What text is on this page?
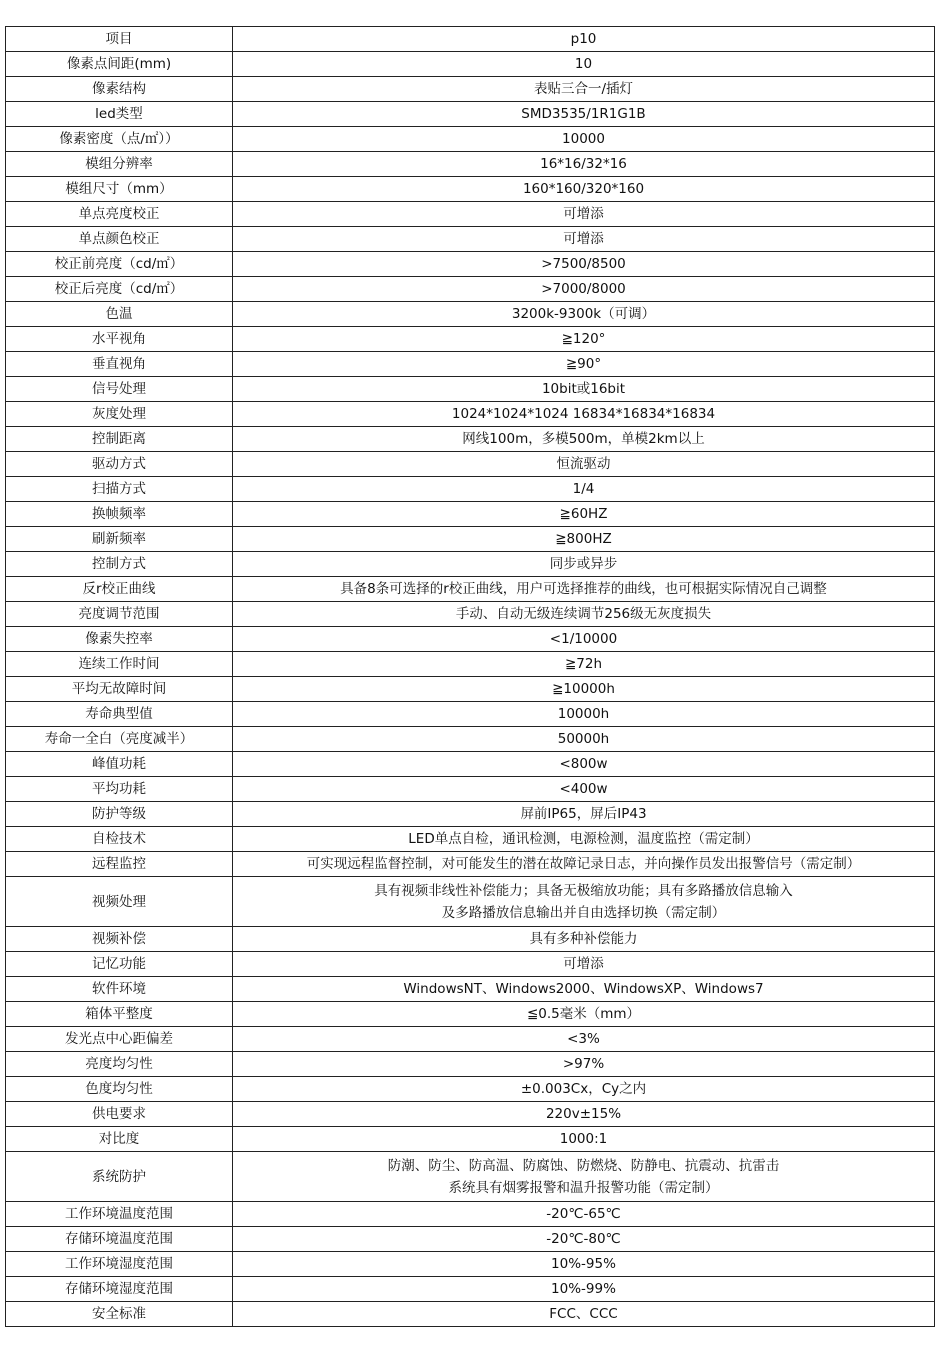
项目	p10
像素点间距(mm)	10
像素结构	表贴三合一/插灯
led类型	SMD3535/1R1G1B
像素密度（点/㎡））	10000
模组分辨率	16*16/32*16
模组尺寸（mm）	160*160/320*160
单点亮度校正	可增添
单点颜色校正	可增添
校正前亮度（cd/㎡）	>7500/8500
校正后亮度（cd/㎡）	>7000/8000
色温	3200k-9300k（可调）
水平视角	≧120°
垂直视角	≧90°
信号处理	10bit或16bit
灰度处理	1024*1024*1024 16834*16834*16834
控制距离	网线100m，多模500m，单模2km以上
驱动方式	恒流驱动
扫描方式	1/4
换帧频率	≧60HZ
刷新频率	≧800HZ
控制方式	同步或异步
反r校正曲线	具备8条可选择的r校正曲线，用户可选择推荐的曲线，也可根据实际情况自己调整
亮度调节范围	手动、自动无级连续调节256级无灰度损失
像素失控率	<1/10000
连续工作时间	≧72h
平均无故障时间	≧10000h
寿命典型值	10000h
寿命一全白（亮度减半）	50000h
峰值功耗	<800w
平均功耗	<400w
防护等级	屏前IP65，屏后IP43
自检技术	LED单点自检，通讯检测，电源检测，温度监控（需定制）
远程监控	可实现远程监督控制，对可能发生的潜在故障记录日志，并向操作员发出报警信号（需定制）
视频处理	具有视频非线性补偿能力；具备无极缩放功能；具有多路播放信息输入
及多路播放信息输出并自由选择切换（需定制）

视频补偿	具有多种补偿能力
记忆功能	可增添
软件环境	WindowsNT、Windows2000、WindowsXP、Windows7
箱体平整度	≦0.5毫米（mm）
发光点中心距偏差	<3%
亮度均匀性	>97%
色度均匀性	±0.003Cx，Cy之内
供电要求	220v±15%
对比度	1000:1
系统防护	防潮、防尘、防高温、防腐蚀、防燃烧、防静电、抗震动、抗雷击
系统具有烟雾报警和温升报警功能（需定制）

工作环境温度范围	-20℃-65℃
存储环境温度范围	-20℃-80℃
工作环境湿度范围	10%-95%
存储环境湿度范围	10%-99%
安全标准	FCC、CCC
